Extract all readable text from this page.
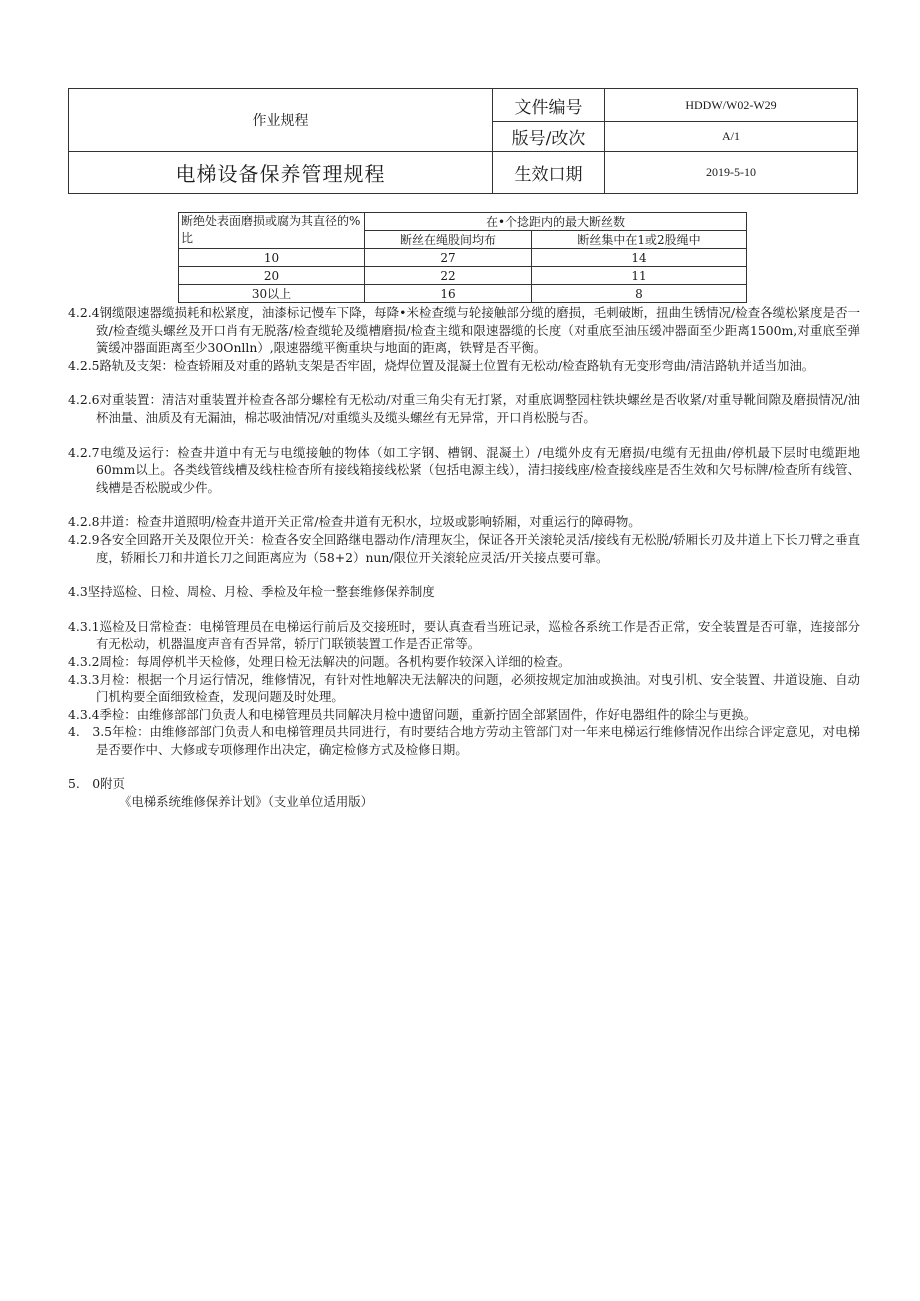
作业规程	文件编号	HDDW/W02-W29
	版号/改次	A/1
电梯设备保养管理规程	生效口期	2019-5-10
断绝处表面磨损或腐为其直径的%比	在•个捻距内的最大断丝数	
	断丝在绳股间均布	断丝集中在1或2股绳中
10	27	14
20	22	11
30以上	16	8

4.2.4钢缆限速器缆损耗和松紧度，油漆标记慢车下降，每降•米检查缆与轮接触部分缆的磨损，毛刺破断，扭曲生锈情况/检查各缆松紧度是否一致/检查缆头螺丝及开口肖有无脱落/检查缆轮及缆槽磨损/检查主缆和限速器缆的长度（对重底至油压缓冲器面至少距离1500m,对重底至弹簧缓冲器面距离至少30Onlln）,限速器缆平衡重块与地面的距离，铁臂是否平衡。

4.2.5路轨及支架：检查轿厢及对重的路轨支架是否牢固，烧焊位置及混凝土位置有无松动/检查路轨有无变形弯曲/清洁路轨并适当加油。

4.2.6对重装置：清洁对重装置并检查各部分螺栓有无松动/对重三角尖有无打紧，对重底调整园柱铁块螺丝是否收紧/对重导靴间隙及磨损情况/油杯油量、油质及有无漏油，棉芯吸油情况/对重缆头及缆头螺丝有无异常，开口肖松脱与否。

4.2.7电缆及运行：检查井道中有无与电缆接触的物体（如工字钢、槽钢、混凝土）/电缆外皮有无磨损/电缆有无扭曲/停机最下层时电缆距地60mm以上。各类线管线槽及线柱检杳所有接线箱接线松紧（包括电源主线），清扫接线座/检查接线座是否生效和欠号标牌/检查所有线管、线槽是否松脱或少件。

4.2.8井道：检查井道照明/检查井道开关正常/检查井道有无积水，垃圾或影响轿厢，对重运行的障碍物。

4.2.9各安全回路开关及限位开关：检查各安全回路继电器动作/清理灰尘，保证各开关滚轮灵活/接线有无松脱/轿厢长刃及井道上下长刀臂之垂直度，轿厢长刀和井道长刀之间距离应为（58+2）nun/限位开关滚轮应灵活/开关接点要可靠。

4.3坚持巡检、日检、周检、月检、季检及年检一整套维修保养制度

4.3.1巡检及日常检查：电梯管理员在电梯运行前后及交接班时，要认真查看当班记录，巡检各系统工作是否正常，安全装置是否可靠，连接部分有无松动，机器温度声音有否异常，轿厅门联锁装置工作是否正常等。

4.3.2周检：每周停机半天检修，处理日检无法解决的问题。各机构要作较深入详细的检查。

4.3.3月检：根据一个月运行情况，维修情况，有针对性地解决无法解决的问题，必须按规定加油或换油。对曳引机、安全装置、井道设施、自动门机构要全面细致检查，发现问题及时处理。

4.3.4季检：由维修部部门负责人和电梯管理员共同解决月检中遗留问题，重新拧固全部紧固件，作好电器组件的除尘与更换。

4.　3.5年检：由维修部部门负责人和电梯管理员共同进行，有时要结合地方劳动主管部门对一年来电梯运行维修情况作出综合评定意见，对电梯是否要作中、大修或专项修理作出决定，确定检修方式及检修日期。

5.　0附页

《电梯系统维修保养计划》（支业单位适用版）
